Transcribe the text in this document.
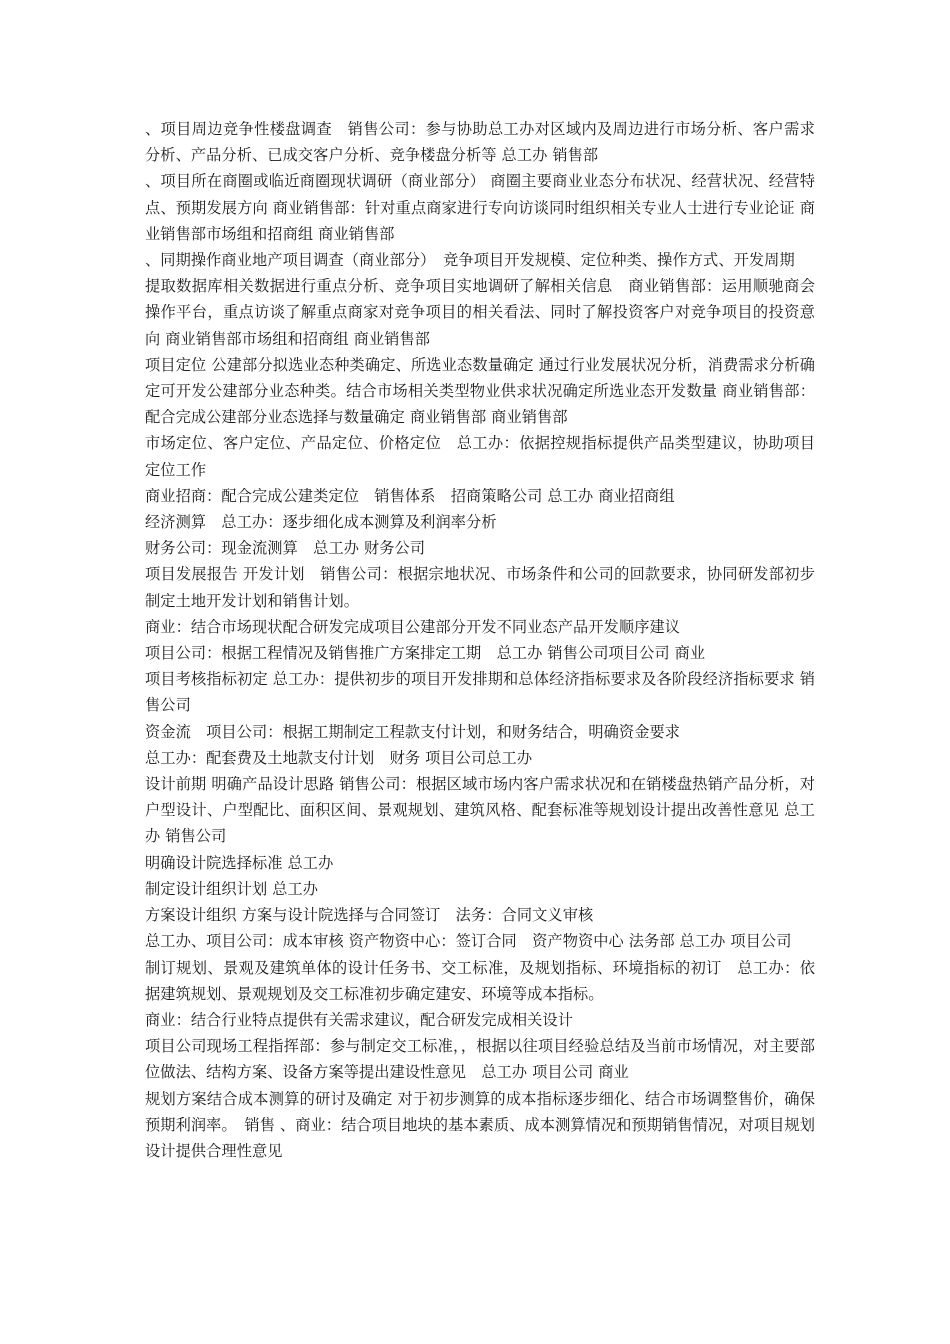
、项目周边竞争性楼盘调查　销售公司：参与协助总工办对区域内及周边进行市场分析、客户需求分析、产品分析、已成交客户分析、竞争楼盘分析等 总工办 销售部

、项目所在商圈或临近商圈现状调研（商业部分） 商圈主要商业业态分布状况、经营状况、经营特点、预期发展方向 商业销售部：针对重点商家进行专向访谈同时组织相关专业人士进行专业论证 商业销售部市场组和招商组 商业销售部

、同期操作商业地产项目调查（商业部分）　竞争项目开发规模、定位种类、操作方式、开发周期

提取数据库相关数据进行重点分析、竞争项目实地调研了解相关信息　商业销售部：运用顺驰商会操作平台，重点访谈了解重点商家对竞争项目的相关看法、同时了解投资客户对竞争项目的投资意向 商业销售部市场组和招商组 商业销售部

项目定位 公建部分拟选业态种类确定、所选业态数量确定 通过行业发展状况分析，消费需求分析确定可开发公建部分业态种类。结合市场相关类型物业供求状况确定所选业态开发数量 商业销售部：配合完成公建部分业态选择与数量确定 商业销售部 商业销售部

市场定位、客户定位、产品定位、价格定位　总工办：依据控规指标提供产品类型建议，协助项目定位工作

商业招商：配合完成公建类定位　销售体系　招商策略公司 总工办 商业招商组

经济测算　总工办：逐步细化成本测算及利润率分析

财务公司：现金流测算　总工办 财务公司

项目发展报告 开发计划　销售公司：根据宗地状况、市场条件和公司的回款要求，协同研发部初步制定土地开发计划和销售计划。

商业：结合市场现状配合研发完成项目公建部分开发不同业态产品开发顺序建议

项目公司：根据工程情况及销售推广方案排定工期　总工办 销售公司项目公司 商业

项目考核指标初定 总工办：提供初步的项目开发排期和总体经济指标要求及各阶段经济指标要求 销售公司

资金流　项目公司：根据工期制定工程款支付计划，和财务结合，明确资金要求

总工办：配套费及土地款支付计划　财务 项目公司总工办

设计前期 明确产品设计思路 销售公司：根据区域市场内客户需求状况和在销楼盘热销产品分析，对户型设计、户型配比、面积区间、景观规划、建筑风格、配套标准等规划设计提出改善性意见 总工办 销售公司

明确设计院选择标准 总工办

制定设计组织计划 总工办

方案设计组织 方案与设计院选择与合同签订　法务：合同文义审核

总工办、项目公司：成本审核 资产物资中心：签订合同　资产物资中心 法务部 总工办 项目公司

制订规划、景观及建筑单体的设计任务书、交工标准，及规划指标、环境指标的初订　总工办：依据建筑规划、景观规划及交工标准初步确定建安、环境等成本指标。

商业：结合行业特点提供有关需求建议，配合研发完成相关设计

项目公司现场工程指挥部：参与制定交工标准，，根据以往项目经验总结及当前市场情况，对主要部位做法、结构方案、设备方案等提出建设性意见　总工办 项目公司 商业

规划方案结合成本测算的研讨及确定 对于初步测算的成本指标逐步细化、结合市场调整售价，确保预期利润率。　销售 、商业：结合项目地块的基本素质、成本测算情况和预期销售情况，对项目规划设计提供合理性意见
